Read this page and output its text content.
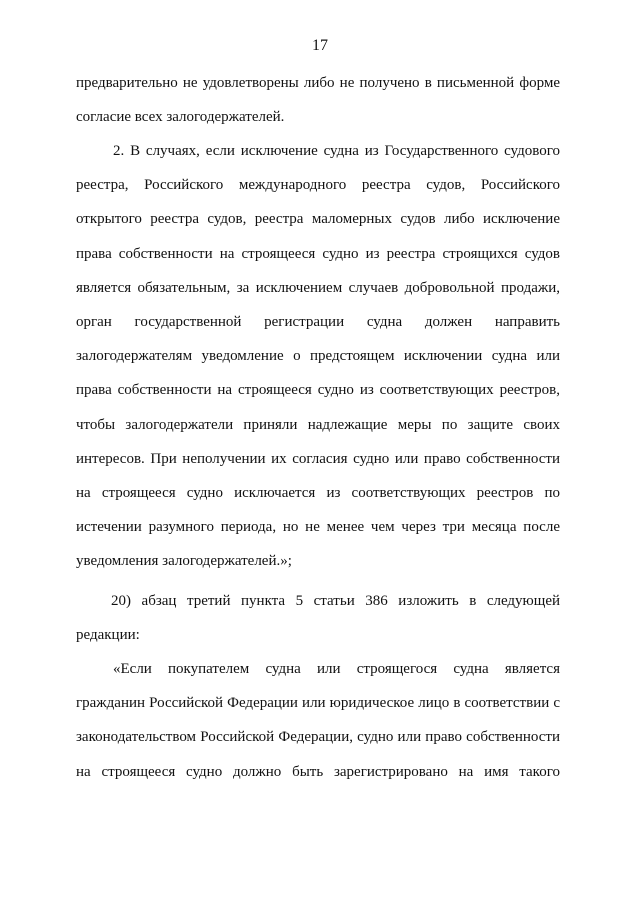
17
предварительно не удовлетворены либо не получено в письменной форме
согласие всех залогодержателей.
2. В случаях, если исключение судна из Государственного судового
реестра, Российского международного реестра судов, Российского
открытого реестра судов, реестра маломерных судов либо исключение
права собственности на строящееся судно из реестра строящихся судов
является обязательным, за исключением случаев добровольной продажи,
орган государственной регистрации судна должен направить
залогодержателям уведомление о предстоящем исключении судна или
права собственности на строящееся судно из соответствующих реестров,
чтобы залогодержатели приняли надлежащие меры по защите своих
интересов. При неполучении их согласия судно или право собственности
на строящееся судно исключается из соответствующих реестров по
истечении разумного периода, но не менее чем через три месяца после
уведомления залогодержателей.»;
20) абзац третий пункта 5 статьи 386 изложить в следующей
редакции:
«Если покупателем судна или строящегося судна является
гражданин Российской Федерации или юридическое лицо в соответствии с
законодательством Российской Федерации, судно или право собственности
на строящееся судно должно быть зарегистрировано на имя такого
